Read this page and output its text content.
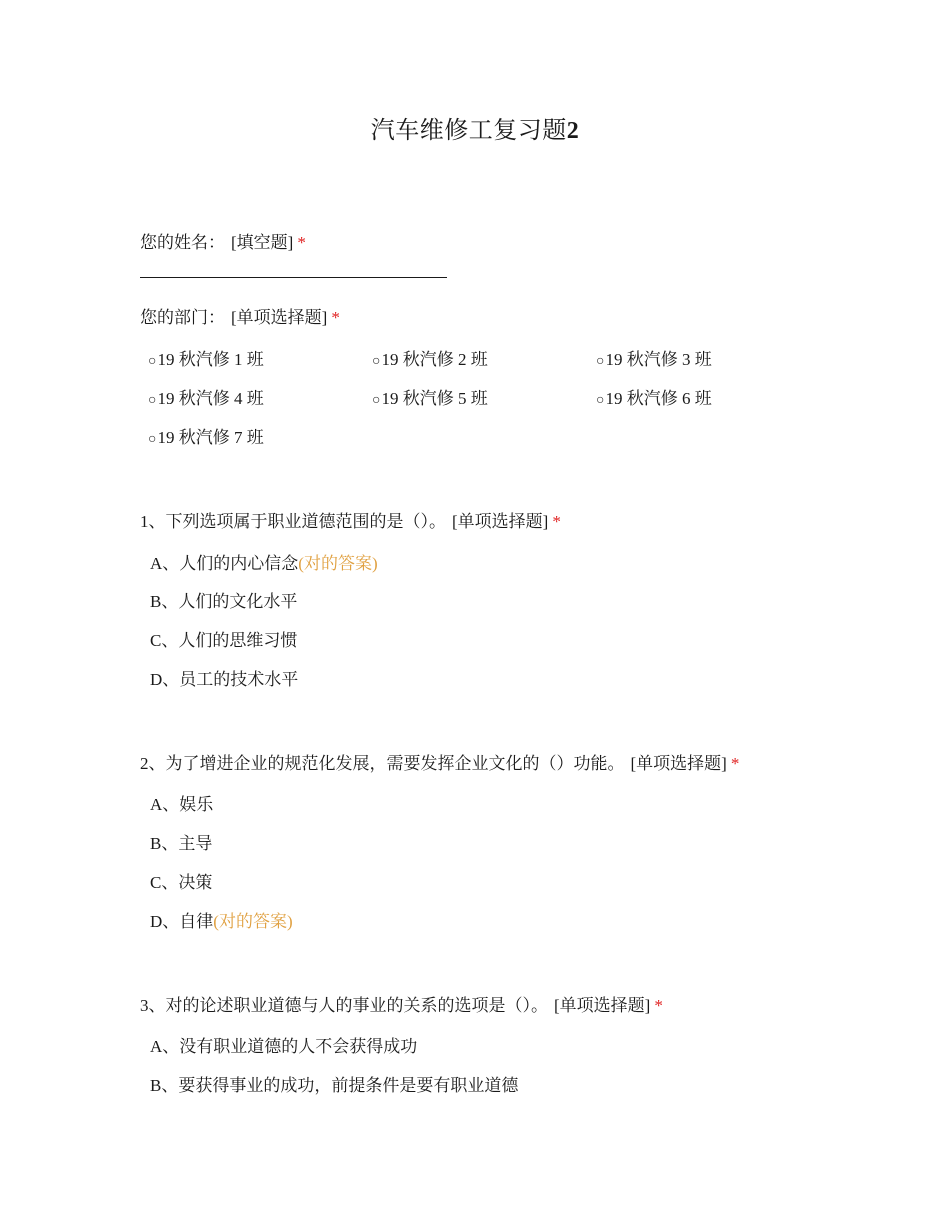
汽车维修工复习题2
您的姓名： [填空题] *
您的部门： [单项选择题] *
○19 秋汽修 1 班	○19 秋汽修 2 班	○19 秋汽修 3 班
○19 秋汽修 4 班	○19 秋汽修 5 班	○19 秋汽修 6 班
○19 秋汽修 7 班
1、下列选项属于职业道德范围的是（）。 [单项选择题] *
A、人们的内心信念(对的答案)
B、人们的文化水平
C、人们的思维习惯
D、员工的技术水平
2、为了增进企业的规范化发展，需要发挥企业文化的（）功能。 [单项选择题] *
A、娱乐
B、主导
C、决策
D、自律(对的答案)
3、对的论述职业道德与人的事业的关系的选项是（）。 [单项选择题] *
A、没有职业道德的人不会获得成功
B、要获得事业的成功，前提条件是要有职业道德
